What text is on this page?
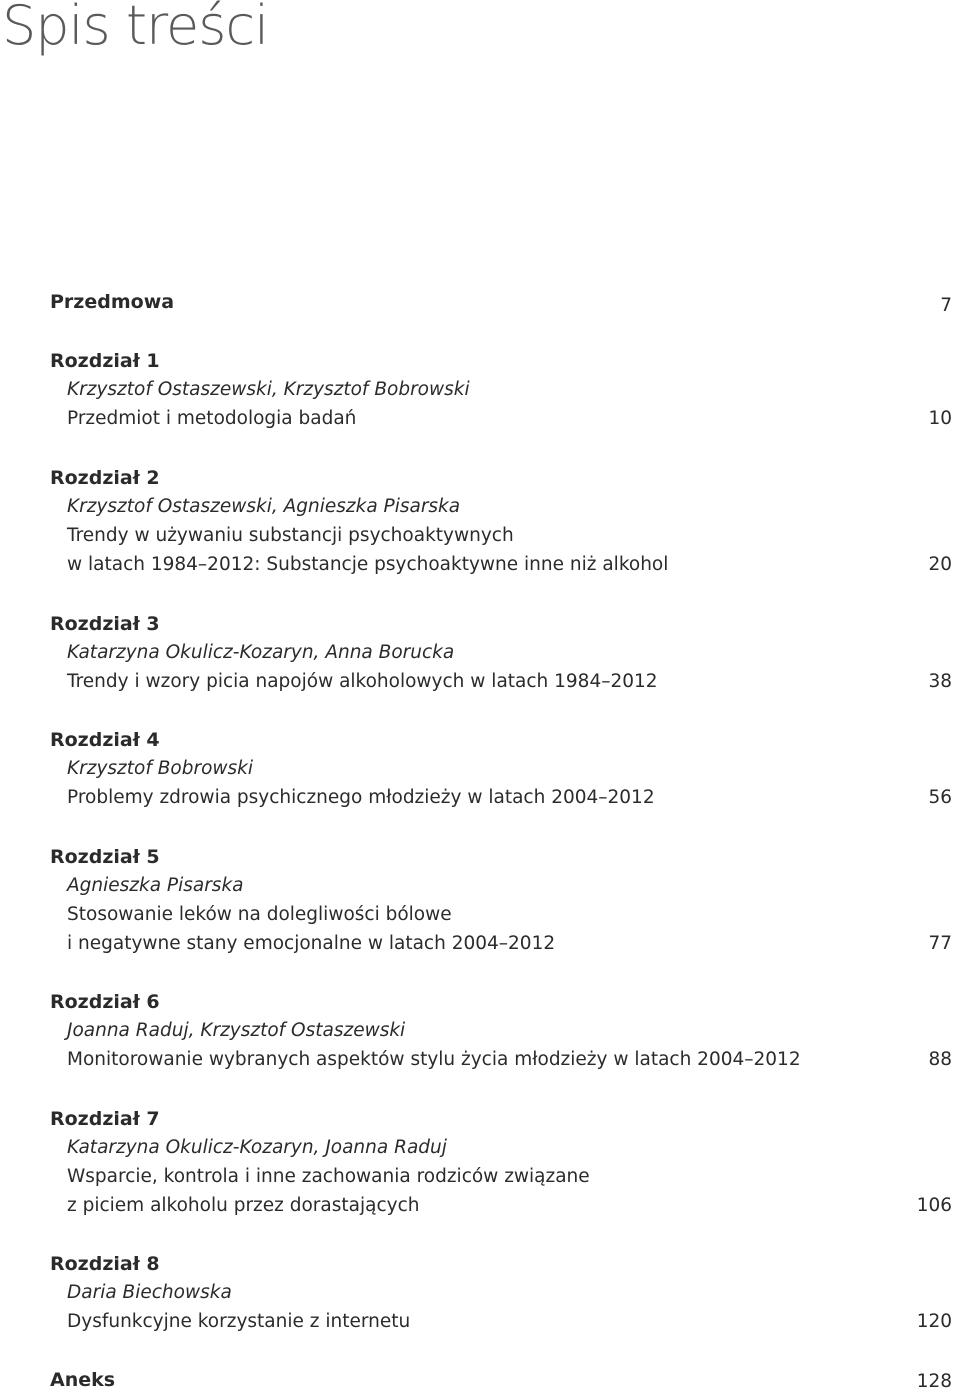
Spis treści
Przedmowa	7
Rozdział 1
Krzysztof Ostaszewski, Krzysztof Bobrowski
Przedmiot i metodologia badań	10
Rozdział 2
Krzysztof Ostaszewski, Agnieszka Pisarska
Trendy w używaniu substancji psychoaktywnych
w latach 1984–2012: Substancje psychoaktywne inne niż alkohol	20
Rozdział 3
Katarzyna Okulicz-Kozaryn, Anna Borucka
Trendy i wzory picia napojów alkoholowych w latach 1984–2012	38
Rozdział 4
Krzysztof Bobrowski
Problemy zdrowia psychicznego młodzieży w latach 2004–2012	56
Rozdział 5
Agnieszka Pisarska
Stosowanie leków na dolegliwości bólowe
i negatywne stany emocjonalne w latach 2004–2012	77
Rozdział 6
Joanna Raduj, Krzysztof Ostaszewski
Monitorowanie wybranych aspektów stylu życia młodzieży w latach 2004–2012	88
Rozdział 7
Katarzyna Okulicz-Kozaryn, Joanna Raduj
Wsparcie, kontrola i inne zachowania rodziców związane
z piciem alkoholu przez dorastających	106
Rozdział 8
Daria Biechowska
Dysfunkcyjne korzystanie z internetu	120
Aneks	128
